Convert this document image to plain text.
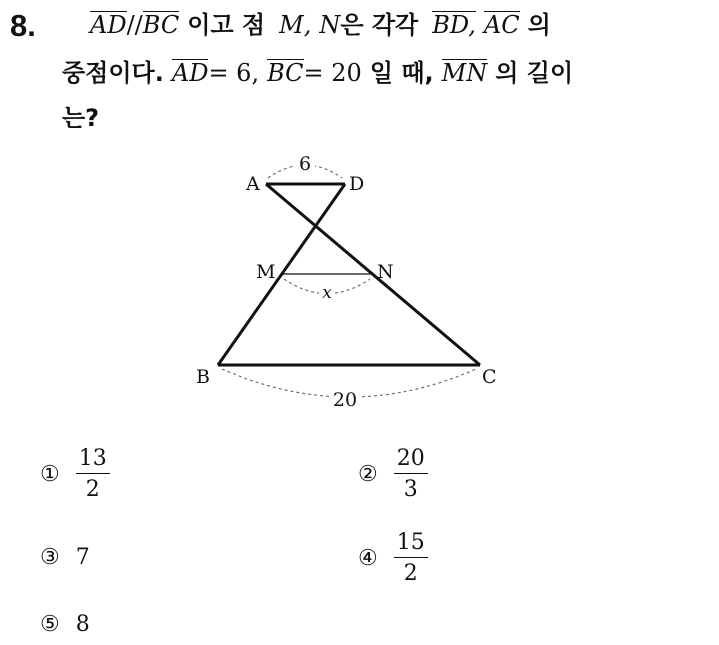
8. AD//BC 이고 점 M, N은 각각 BD, AC 의
중점이다. AD= 6, BC= 20 일 때, MN 의 길이
는?
6
x
20
A	D
M	N
B	C
① $\frac{13}{2}$	② $\frac{20}{3}$
③ 7	④ $\frac{15}{2}$
⑤ 8
